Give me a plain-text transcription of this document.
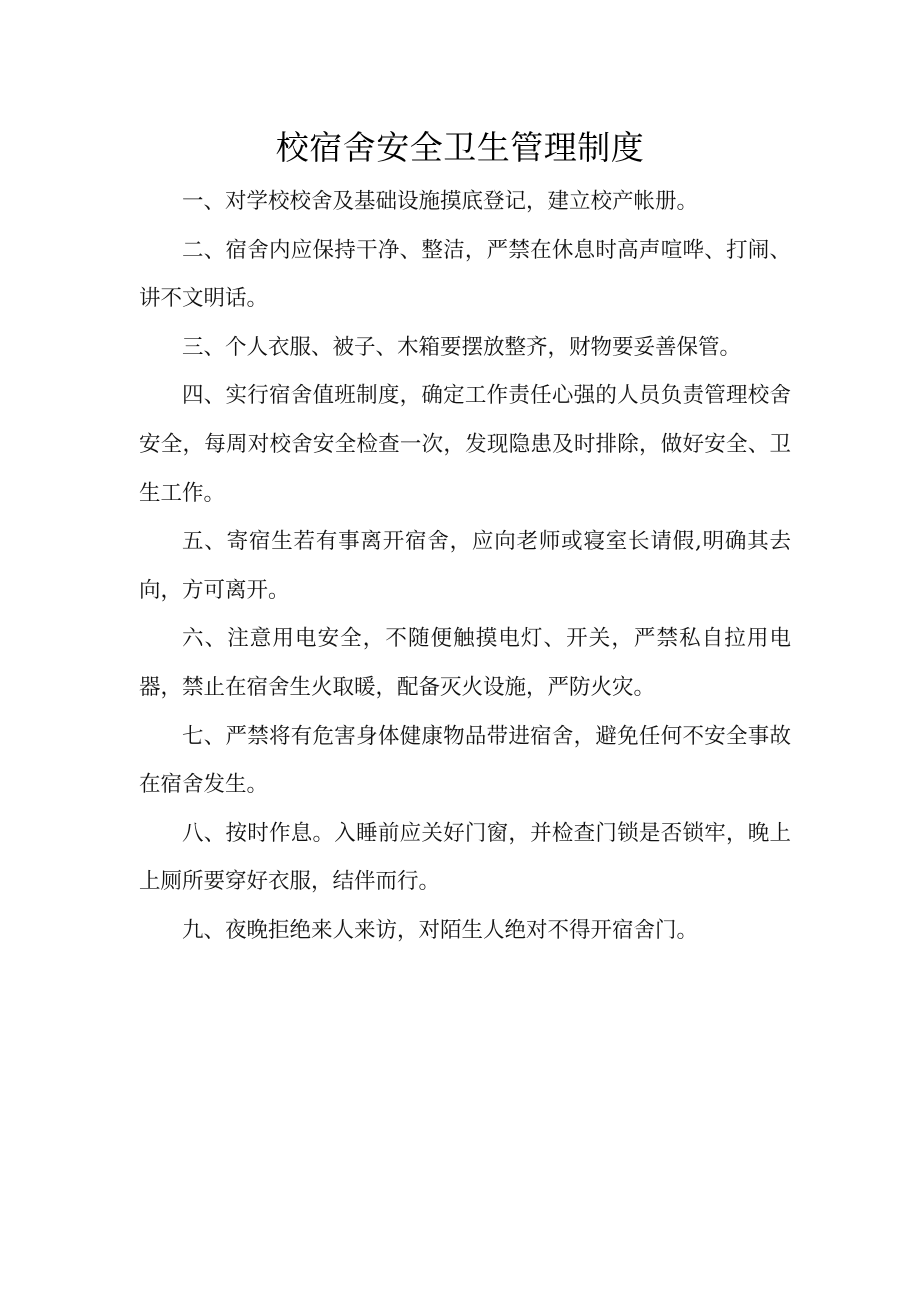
校宿舍安全卫生管理制度

一、对学校校舍及基础设施摸底登记，建立校产帐册。

二、宿舍内应保持干净、整洁，严禁在休息时高声喧哗、打闹、讲不文明话。

三、个人衣服、被子、木箱要摆放整齐，财物要妥善保管。

四、实行宿舍值班制度，确定工作责任心强的人员负责管理校舍安全，每周对校舍安全检查一次，发现隐患及时排除，做好安全、卫生工作。

五、寄宿生若有事离开宿舍，应向老师或寝室长请假,明确其去向，方可离开。

六、注意用电安全，不随便触摸电灯、开关，严禁私自拉用电器，禁止在宿舍生火取暖，配备灭火设施，严防火灾。

七、严禁将有危害身体健康物品带进宿舍，避免任何不安全事故在宿舍发生。

八、按时作息。入睡前应关好门窗，并检查门锁是否锁牢，晚上上厕所要穿好衣服，结伴而行。

九、夜晚拒绝来人来访，对陌生人绝对不得开宿舍门。
